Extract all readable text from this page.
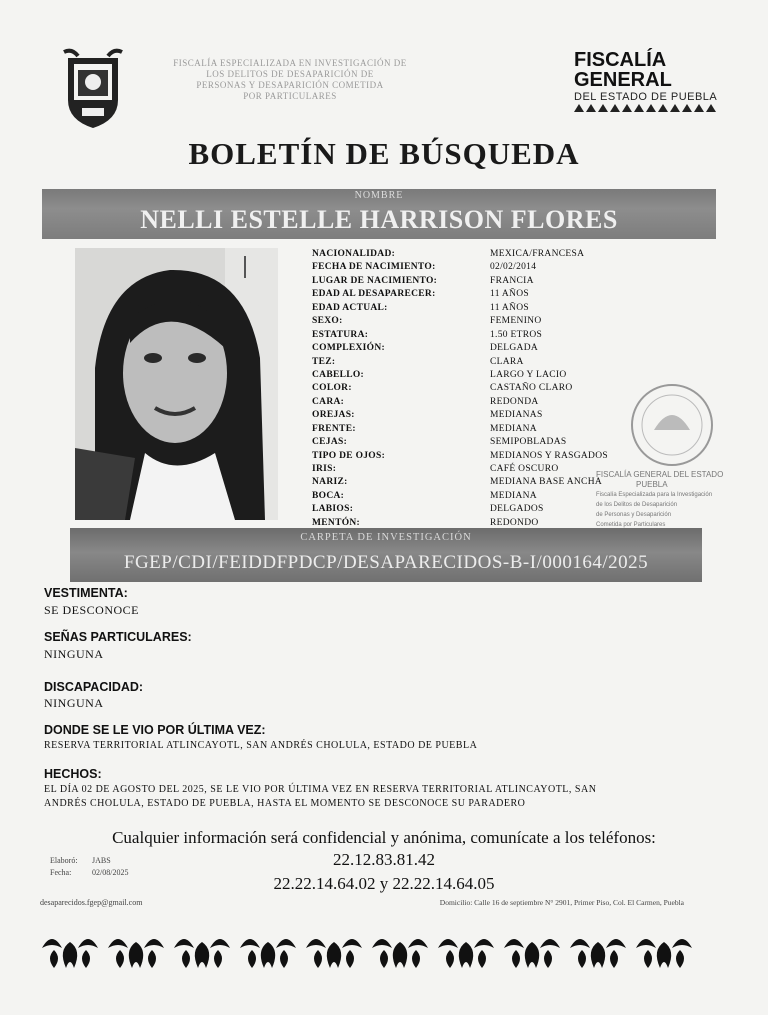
FISCALÍA ESPECIALIZADA EN INVESTIGACIÓN DE
LOS DELITOS DE DESAPARICIÓN DE
PERSONAS Y DESAPARICIÓN COMETIDA
POR PARTICULARES
FISCALÍA
GENERAL
DEL ESTADO DE PUEBLA
BOLETÍN DE BÚSQUEDA
NOMBRE
NELLI ESTELLE HARRISON FLORES
NACIONALIDAD:
FECHA DE NACIMIENTO:
LUGAR DE NACIMIENTO:
EDAD AL DESAPARECER:
EDAD ACTUAL:
SEXO:
ESTATURA:
COMPLEXIÓN:
TEZ:
CABELLO:
COLOR:
CARA:
OREJAS:
FRENTE:
CEJAS:
TIPO DE OJOS:
IRIS:
NARIZ:
BOCA:
LABIOS:
MENTÓN:
MEXICA/FRANCESA
02/02/2014
FRANCIA
11 AÑOS
11 AÑOS
FEMENINO
1.50 ETROS
DELGADA
CLARA
LARGO Y LACIO
CASTAÑO CLARO
REDONDA
MEDIANAS
MEDIANA
SEMIPOBLADAS
MEDIANOS Y RASGADOS
CAFÉ OSCURO
MEDIANA BASE ANCHA
MEDIANA
DELGADOS
REDONDO
FISCALÍA GENERAL DEL ESTADO
PUEBLA
Fiscalía Especializada para la Investigación
de los Delitos de Desaparición
de Personas y Desaparición
Cometida por Particulares
CARPETA DE INVESTIGACIÓN
FGEP/CDI/FEIDDFPDCP/DESAPARECIDOS-B-I/000164/2025
VESTIMENTA:
SE DESCONOCE
SEÑAS PARTICULARES:
NINGUNA
DISCAPACIDAD:
NINGUNA
DONDE SE LE VIO POR ÚLTIMA VEZ:
RESERVA TERRITORIAL ATLINCAYOTL, SAN ANDRÉS CHOLULA, ESTADO DE PUEBLA
HECHOS:
EL DÍA 02 DE AGOSTO DEL 2025, SE LE VIO POR ÚLTIMA VEZ EN RESERVA TERRITORIAL ATLINCAYOTL, SAN
ANDRÉS CHOLULA, ESTADO DE PUEBLA, HASTA EL MOMENTO SE DESCONOCE SU PARADERO
Cualquier información será confidencial y anónima, comunícate a los teléfonos:
22.12.83.81.42
22.22.14.64.02 y 22.22.14.64.05
Elaboró: JABS
Fecha:	02/08/2025
desaparecidos.fgep@gmail.com	Domicilio: Calle 16 de septiembre N° 2901, Primer Piso, Col. El Carmen, Puebla
